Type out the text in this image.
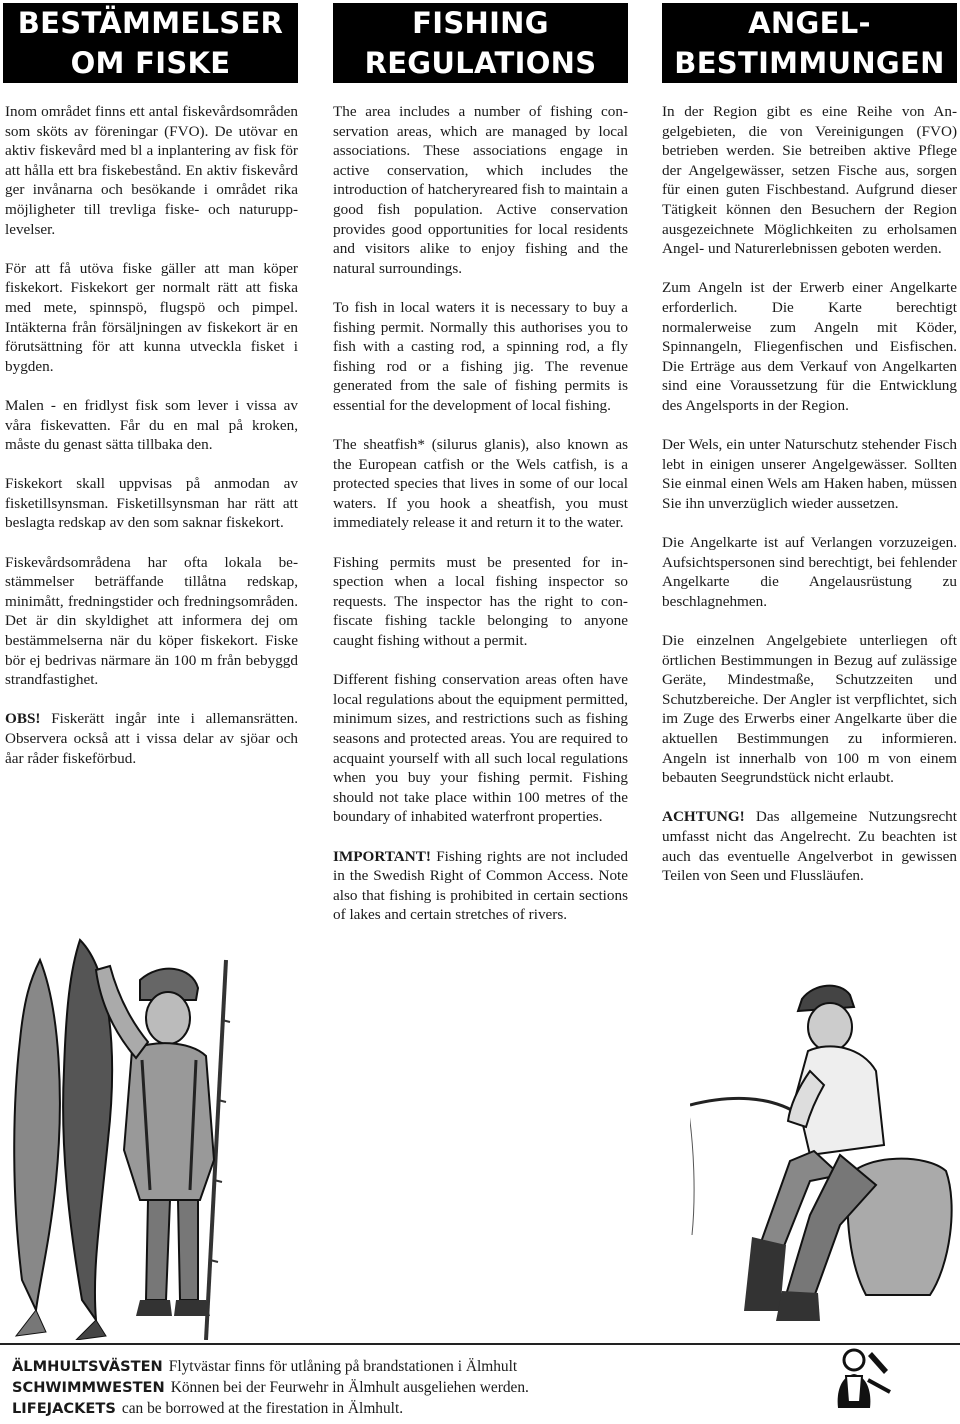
BESTÄMMELSER
OM FISKE

Inom området finns ett antal fiskevårdsområden som sköts av föreningar (FVO). De utövar en aktiv fiskevård med bl a inplantering av fisk för att hålla ett bra fiskebestånd. En aktiv fiskevård ger invånarna och besökande i området rika möjligheter till trevliga fiske- och naturupplevelser.

För att få utöva fiske gäller att man köper fiskekort. Fiskekort ger normalt rätt att fiska med mete, spinnspö, flugspö och pimpel. Intäkterna från försäljningen av fiskekort är en förutsättning för att kunna utveckla fisket i bygden.

Malen - en fridlyst fisk som lever i vissa av våra fiskevatten. Får du en mal på kroken, måste du genast sätta tillbaka den.

Fiskekort skall uppvisas på anmodan av fisketillsynsman. Fisketillsynsman har rätt att beslagta redskap av den som saknar fiskekort.

Fiskevårdsområdena har ofta lokala bestämmelser beträffande tillåtna redskap, minimått, fredningstider och fredningsområden. Det är din skyldighet att informera dej om bestämmelserna när du köper fiskekort. Fiske bör ej bedrivas närmare än 100 m från bebyggd strandfastighet.

OBS! Fiskerätt ingår inte i allemansrätten. Observera också att i vissa delar av sjöar och åar råder fiskeförbud.

FISHING
REGULATIONS

The area includes a number of fishing conservation areas, which are managed by local associations. These associations engage in active conservation, which includes the introduction of hatcheryreared fish to maintain a good fish population. Active conservation provides good opportunities for local residents and visitors alike to enjoy fishing and the natural surroundings.

To fish in local waters it is necessary to buy a fishing permit. Normally this authorises you to fish with a casting rod, a spinning rod, a fly fishing rod or a fishing jig. The revenue generated from the sale of fishing permits is essential for the development of local fishing.

The sheatfish* (silurus glanis), also known as the European catfish or the Wels catfish, is a protected species that lives in some of our local waters. If you hook a sheatfish, you must immediately release it and return it to the water.

Fishing permits must be presented for inspection when a local fishing inspector so requests. The inspector has the right to con-fiscate fishing tackle belonging to anyone caught fishing without a permit.

Different fishing conservation areas often have local regulations about the equipment permitted, minimum sizes, and restrictions such as fishing seasons and protected areas. You are required to acquaint yourself with all such local regulations when you buy your fishing permit. Fishing should not take place within 100 metres of the boundary of inhabited waterfront properties.

IMPORTANT! Fishing rights are not included in the Swedish Right of Common Access. Note also that fishing is prohibited in certain sections of lakes and certain stretches of rivers.

ANGEL-
BESTIMMUNGEN

In der Region gibt es eine Reihe von Angelgebieten, die von Vereinigungen (FVO) betrieben werden. Sie betreiben aktive Pflege der Angelgewässer, setzen Fische aus, sorgen für einen guten Fischbestand. Aufgrund dieser Tätigkeit können den Besuchern der Region ausgezeichnete Möglichkeiten zu erholsamen Angel- und Naturerlebnissen geboten werden.

Zum Angeln ist der Erwerb einer Angelkarte erforderlich. Die Karte berechtigt normalerweise zum Angeln mit Köder, Spinnangeln, Fliegenfischen und Eisfischen. Die Erträge aus dem Verkauf von Angelkarten sind eine Voraussetzung für die Entwicklung des Angelsports in der Region.

Der Wels, ein unter Naturschutz stehender Fisch lebt in einigen unserer Angelgewässer. Sollten Sie einmal einen Wels am Haken haben, müssen Sie ihn unverzüglich wieder aussetzen.

Die Angelkarte ist auf Verlangen vorzuzeigen. Aufsichtspersonen sind berechtigt, bei fehlender Angelkarte die Angelausrüstung zu beschlagnehmen.

Die einzelnen Angelgebiete unterliegen oft örtlichen Bestimmungen in Bezug auf zulässige Geräte, Mindestmaße, Schutzzeiten und Schutzbereiche. Der Angler ist verpflichtet, sich im Zuge des Erwerbs einer Angelkarte über die aktuellen Bestimmungen zu informieren. Angeln ist innerhalb von 100 m von einem bebauten Seegrundstück nicht erlaubt.

ACHTUNG! Das allgemeine Nutzungsrecht umfasst nicht das Angelrecht. Zu beachten ist auch das eventuelle Angelverbot in gewissen Teilen von Seen und Flussläufen.

ÄLMHULTSVÄSTEN Flytvästar finns för utlåning på brandstationen i Älmhult
SCHWIMMWESTEN Können bei der Feurwehr in Älmhult ausgeliehen werden.
LIFEJACKETS can be borrowed at the firestation in Älmhult.
